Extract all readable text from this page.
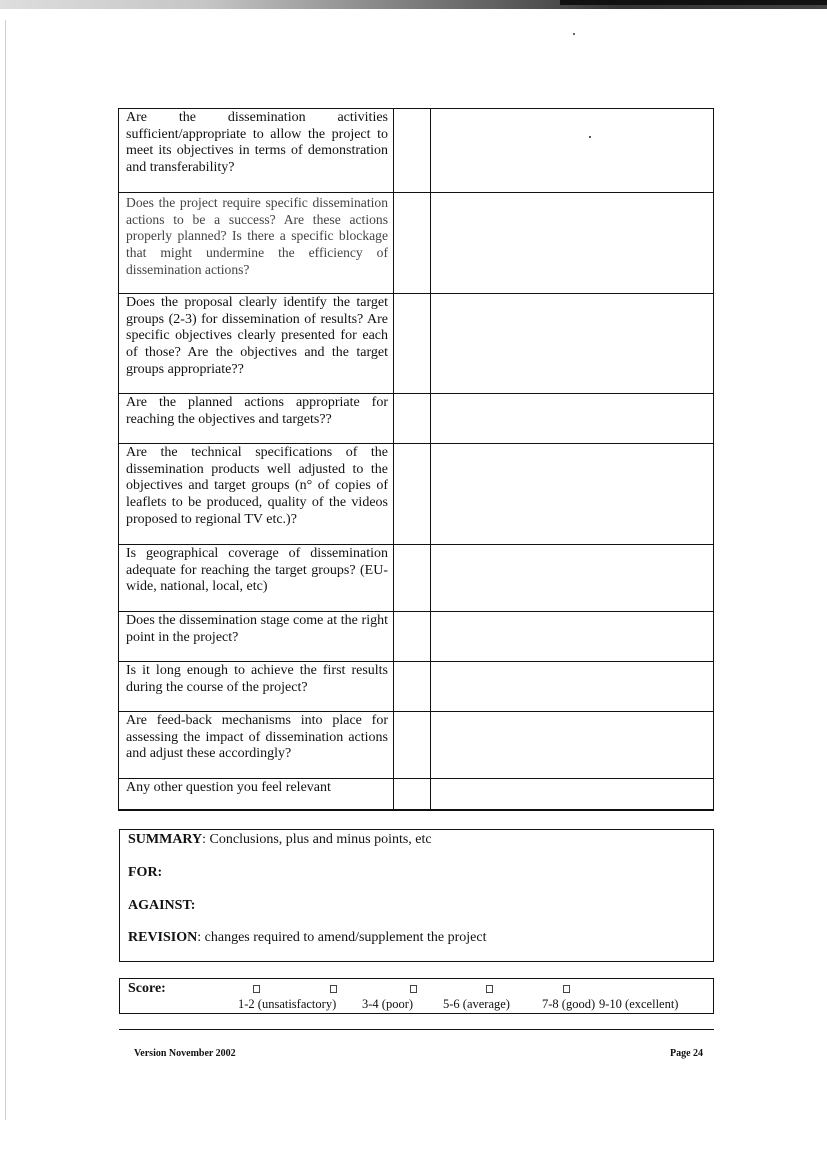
Are the dissemination activities sufficient/appropriate to allow the project to meet its objectives in terms of demonstration and transferability?
Does the project require specific dissemination actions to be a success? Are these actions properly planned? Is there a specific blockage that might undermine the efficiency of dissemination actions?
Does the proposal clearly identify the target groups (2-3) for dissemination of results? Are specific objectives clearly presented for each of those? Are the objectives and the target groups appropriate??
Are the planned actions appropriate for reaching the objectives and targets??
Are the technical specifications of the dissemination products well adjusted to the objectives and target groups (n° of copies of leaflets to be produced, quality of the videos proposed to regional TV etc.)?
Is geographical coverage of dissemination adequate for reaching the target groups? (EU-wide, national, local, etc)
Does the dissemination stage come at the right point in the project?
Is it long enough to achieve the first results during the course of the project?
Are feed-back mechanisms into place for assessing the impact of dissemination actions and adjust these accordingly?
Any other question you feel relevant
SUMMARY: Conclusions, plus and minus points, etc
FOR:
AGAINST:
REVISION: changes required to amend/supplement the project
Score:
1-2 (unsatisfactory) 3-4 (poor) 5-6 (average)	7-8 (good) 9-10 (excellent)
Version November 2002	Page 24
